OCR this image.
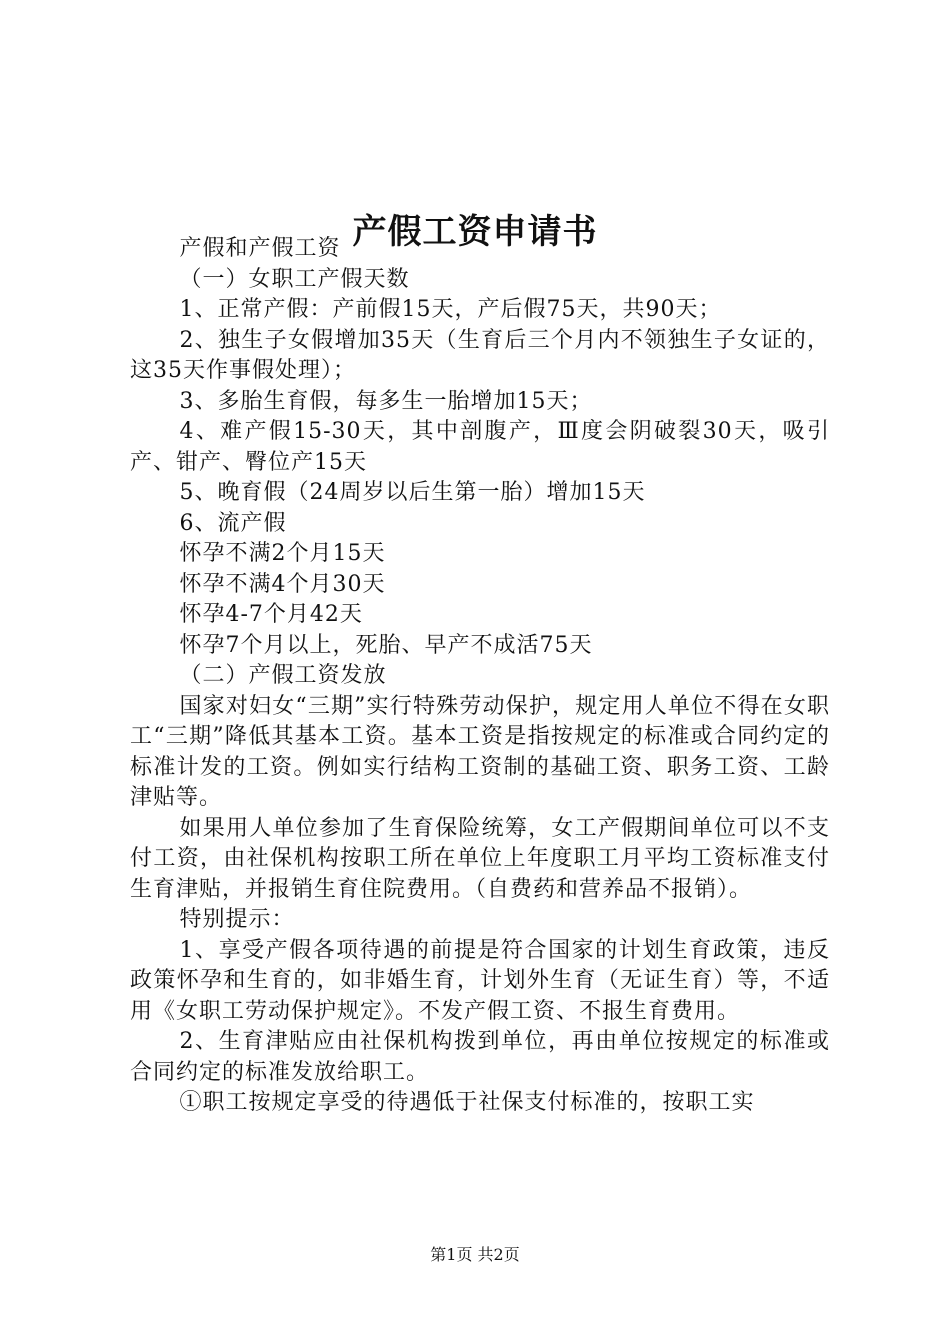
产假工资申请书

产假和产假工资

（一）女职工产假天数

1、正常产假：产前假15天，产后假75天，共90天；

2、独生子女假增加35天（生育后三个月内不领独生子女证的，这35天作事假处理）；

3、多胎生育假，每多生一胎增加15天；

4、难产假15-30天，其中剖腹产，Ⅲ度会阴破裂30天，吸引产、钳产、臀位产15天

5、晚育假（24周岁以后生第一胎）增加15天

6、流产假

怀孕不满2个月15天

怀孕不满4个月30天

怀孕4-7个月42天

怀孕7个月以上，死胎、早产不成活75天

（二）产假工资发放

国家对妇女“三期”实行特殊劳动保护，规定用人单位不得在女职工“三期”降低其基本工资。基本工资是指按规定的标准或合同约定的标准计发的工资。例如实行结构工资制的基础工资、职务工资、工龄津贴等。

如果用人单位参加了生育保险统筹，女工产假期间单位可以不支付工资，由社保机构按职工所在单位上年度职工月平均工资标准支付生育津贴，并报销生育住院费用。（自费药和营养品不报销）。

特别提示：

1、享受产假各项待遇的前提是符合国家的计划生育政策，违反政策怀孕和生育的，如非婚生育，计划外生育（无证生育）等，不适用《女职工劳动保护规定》。不发产假工资、不报生育费用。

2、生育津贴应由社保机构拨到单位，再由单位按规定的标准或合同约定的标准发放给职工。

①职工按规定享受的待遇低于社保支付标准的，按职工实

第1页 共2页
